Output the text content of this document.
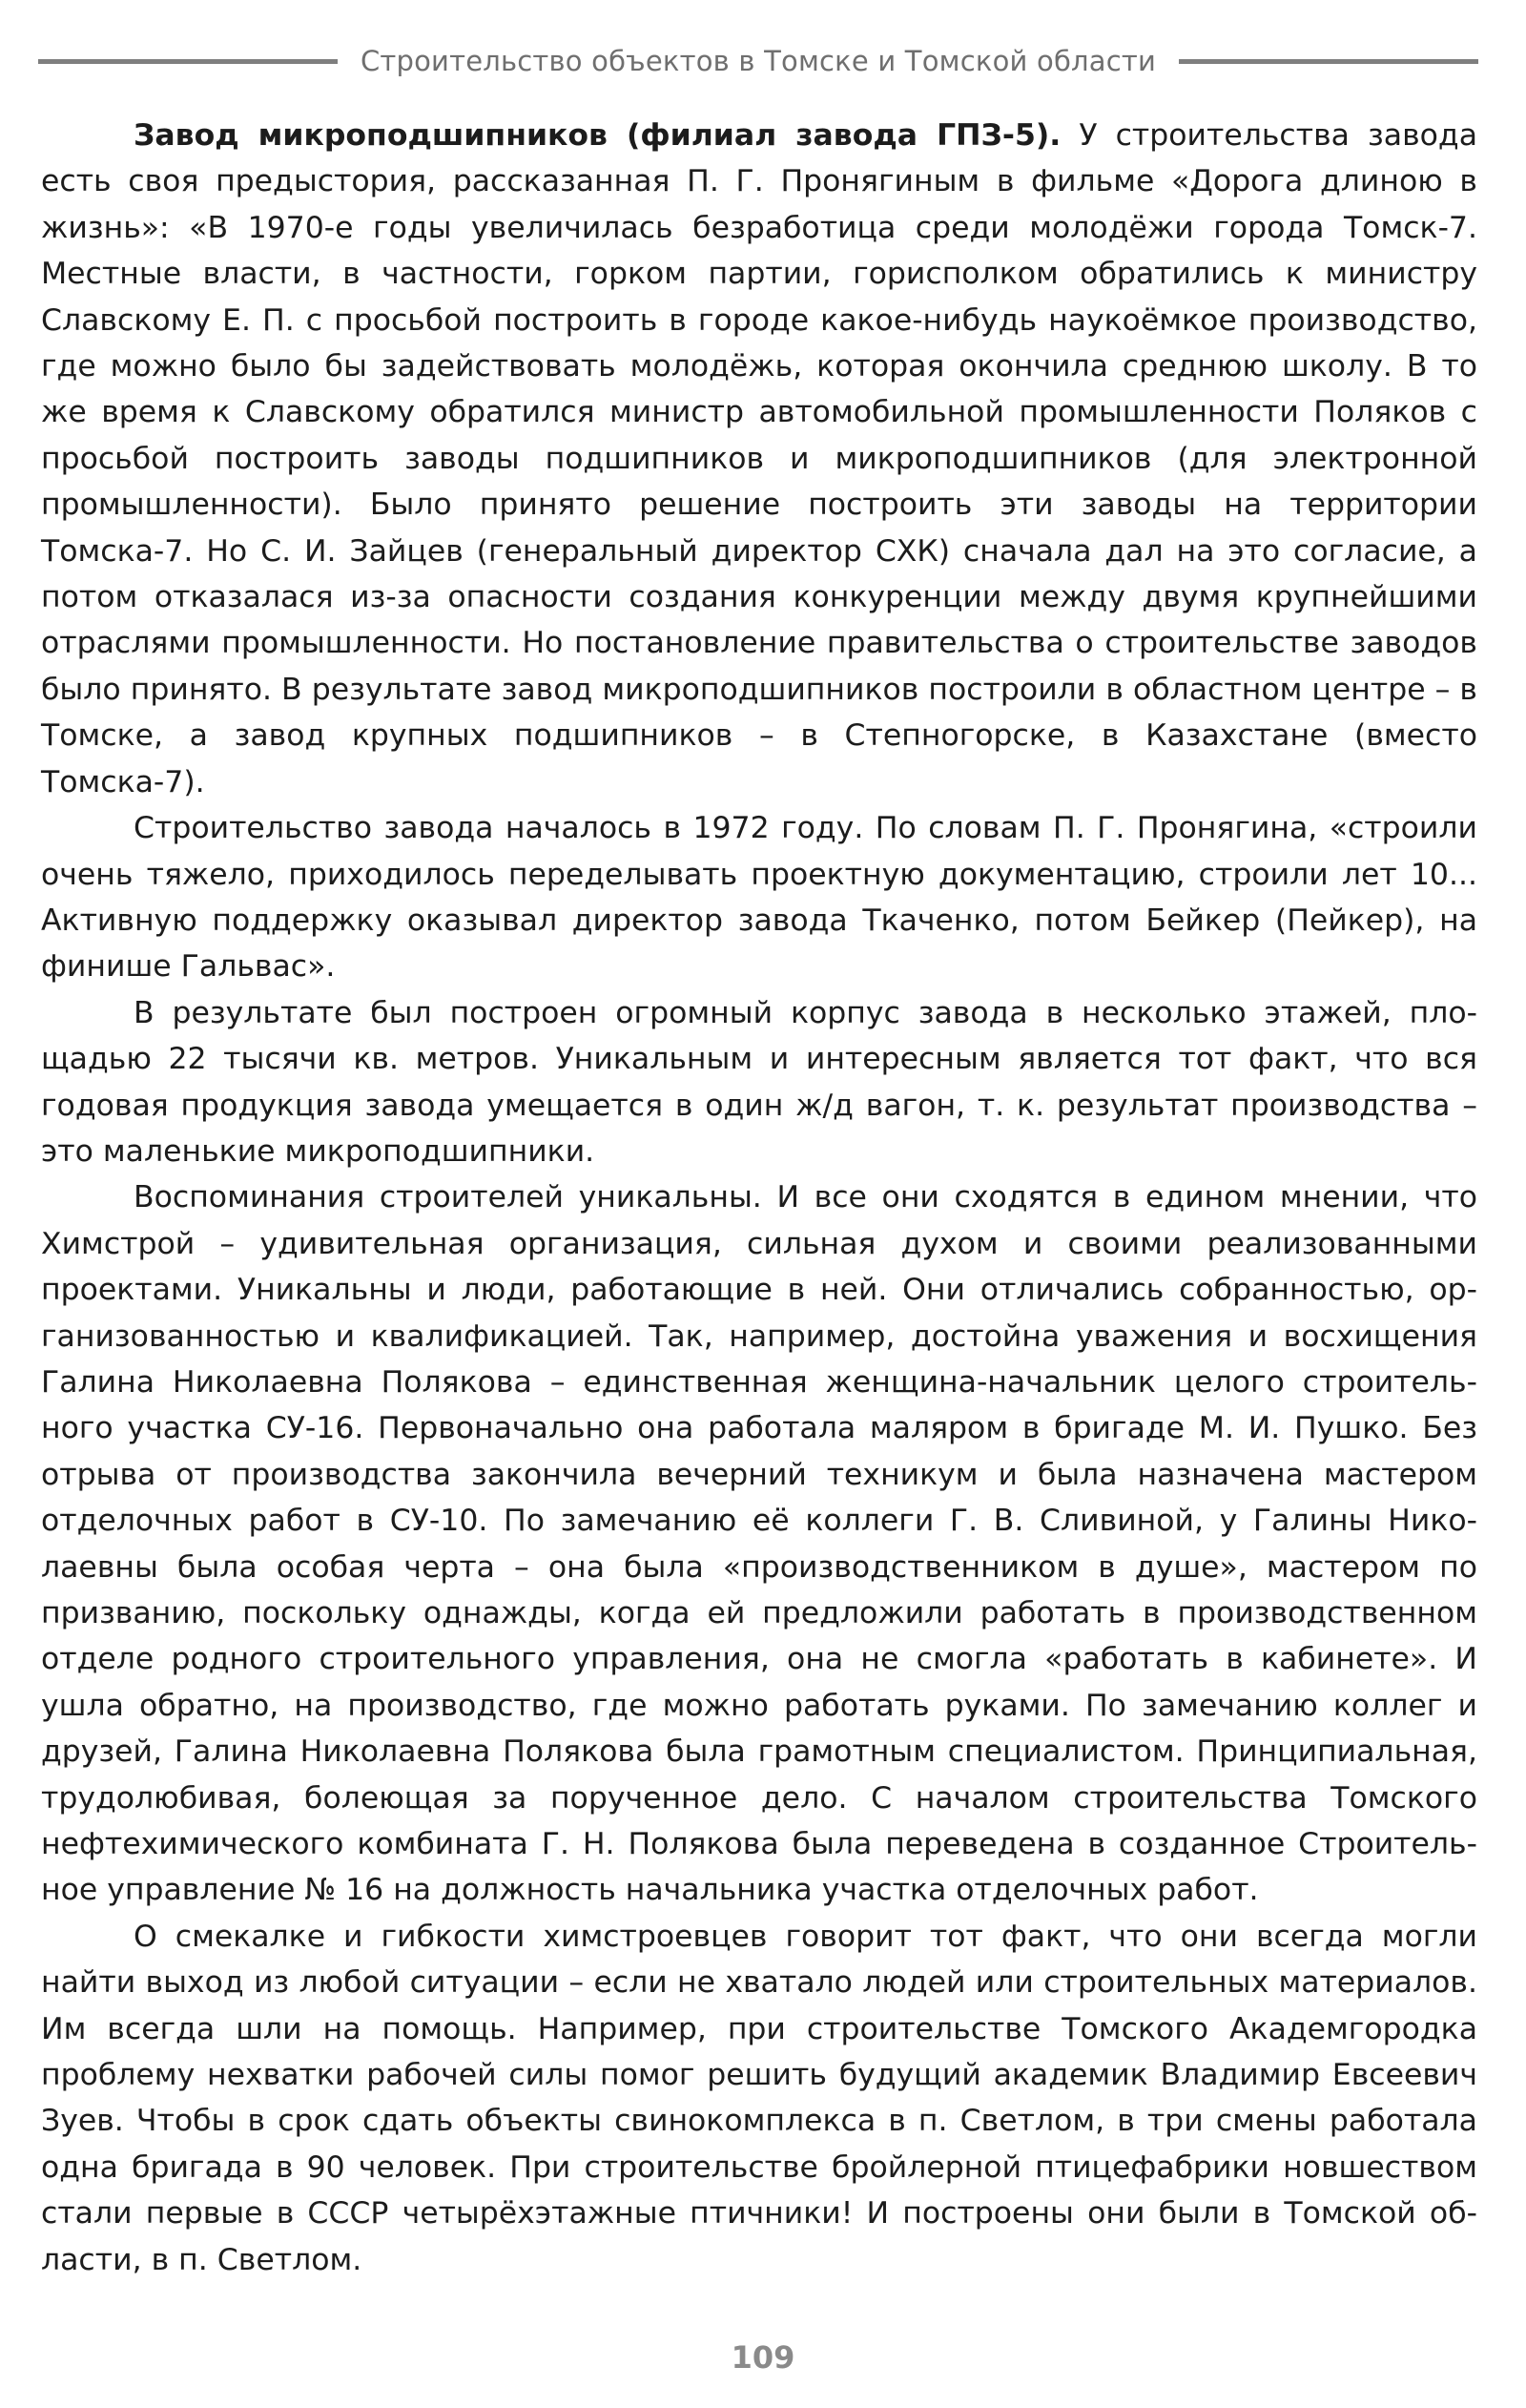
Строительство объектов в Томске и Томской области

Завод микроподшипников (филиал завода ГПЗ-5). У строительства завода есть своя предыстория, рассказанная П. Г. Пронягиным в фильме «Дорога длиною в жизнь»: «В 1970-е годы увеличилась безработица среди молодёжи города Томск-7. Местные власти, в частности, горком партии, горисполком обратились к министру Славскому Е. П. с просьбой построить в городе какое-нибудь наукоёмкое производство, где можно было бы задействовать молодёжь, которая окончила среднюю школу. В то же время к Славскому обратился министр автомобильной промышленности Поляков с просьбой построить заводы подшипников и микроподшипников (для электронной промышленности). Было принято решение построить эти заводы на территории Томска-7. Но С. И. Зайцев (генеральный директор СХК) сначала дал на это согласие, а потом отказалася из-за опасности создания конкуренции между двумя крупнейшими отраслями промышленности. Но постановление правительства о строительстве заводов было принято. В результате завод микроподшипников построили в областном центре – в Томске, а завод крупных подшипников – в Степногорске, в Казахстане (вместо Томска-7).

Строительство завода началось в 1972 году. По словам П. Г. Пронягина, «строили очень тяжело, приходилось переделывать проектную документацию, строили лет 10... Активную поддержку оказывал директор завода Ткаченко, потом Бейкер (Пейкер), на финише Гальвас».

В результате был построен огромный корпус завода в несколько этажей, площадью 22 тысячи кв. метров. Уникальным и интересным является тот факт, что вся годовая продукция завода умещается в один ж/д вагон, т. к. результат производства – это маленькие микроподшипники.

Воспоминания строителей уникальны. И все они сходятся в едином мнении, что Химстрой – удивительная организация, сильная духом и своими реализованными проектами. Уникальны и люди, работающие в ней. Они отличались собранностью, организованностью и квалификацией. Так, например, достойна уважения и восхищения Галина Николаевна Полякова – единственная женщина-начальник целого строительного участка СУ-16. Первоначально она работала маляром в бригаде М. И. Пушко. Без отрыва от производства закончила вечерний техникум и была назначена мастером отделочных работ в СУ-10. По замечанию её коллеги Г. В. Сливиной, у Галины Николаевны была особая черта – она была «производственником в душе», мастером по призванию, поскольку однажды, когда ей предложили работать в производственном отделе родного строительного управления, она не смогла «работать в кабинете». И ушла обратно, на производство, где можно работать руками. По замечанию коллег и друзей, Галина Николаевна Полякова была грамотным специалистом. Принципиальная, трудолюбивая, болеющая за порученное дело. С началом строительства Томского нефтехимического комбината Г. Н. Полякова была переведена в созданное Строительное управление № 16 на должность начальника участка отделочных работ.

О смекалке и гибкости химстроевцев говорит тот факт, что они всегда могли найти выход из любой ситуации – если не хватало людей или строительных материалов. Им всегда шли на помощь. Например, при строительстве Томского Академгородка проблему нехватки рабочей силы помог решить будущий академик Владимир Евсеевич Зуев. Чтобы в срок сдать объекты свинокомплекса в п. Светлом, в три смены работала одна бригада в 90 человек. При строительстве бройлерной птицефабрики новшеством стали первые в СССР четырёхэтажные птичники! И построены они были в Томской области, в п. Светлом.

109
